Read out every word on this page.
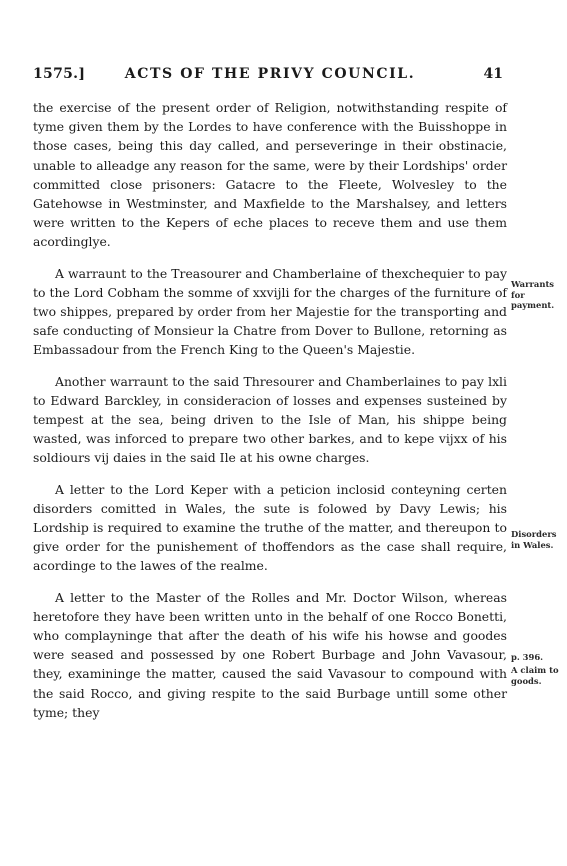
1575.]	ACTS OF THE PRIVY COUNCIL.	41

the exercise of the present order of Religion, notwithstanding respite of tyme given them by the Lordes to have conference with the Buisshoppe in those cases, being this day called, and perseveringe in their obstinacie, unable to alleadge any reason for the same, were by their Lordships' order committed close prisoners: Gatacre to the Fleete, Wolvesley to the Gatehowse in Westminster, and Maxfielde to the Marshalsey, and letters were written to the Kepers of eche places to receve them and use them acordinglye.

A warraunt to the Treasourer and Chamberlaine of thexchequier to pay to the Lord Cobham the somme of xxvijli for the charges of the furniture of two shippes, prepared by order from her Majestie for the transporting and safe conducting of Monsieur la Chatre from Dover to Bullone, retorning as Embassadour from the French King to the Queen's Majestie.

Another warraunt to the said Thresourer and Chamberlaines to pay lxli to Edward Barckley, in consideracion of losses and expenses susteined by tempest at the sea, being driven to the Isle of Man, his shippe being wasted, was inforced to prepare two other barkes, and to kepe vijxx of his soldiours vij daies in the said Ile at his owne charges.

A letter to the Lord Keper with a peticion inclosid conteyning certen disorders comitted in Wales, the sute is folowed by Davy Lewis; his Lordship is required to examine the truthe of the matter, and thereupon to give order for the punishement of thoffendors as the case shall require, acordinge to the lawes of the realme.

A letter to the Master of the Rolles and Mr. Doctor Wilson, whereas heretofore they have been written unto in the behalf of one Rocco Bonetti, who complayninge that after the death of his wife his howse and goodes were seased and possessed by one Robert Burbage and John Vavasour, they, examininge the matter, caused the said Vavasour to compound with the said Rocco, and giving respite to the said Burbage untill some other tyme; they

Warrants for payment.
Disorders in Wales.
p. 396.
A claim to goods.
